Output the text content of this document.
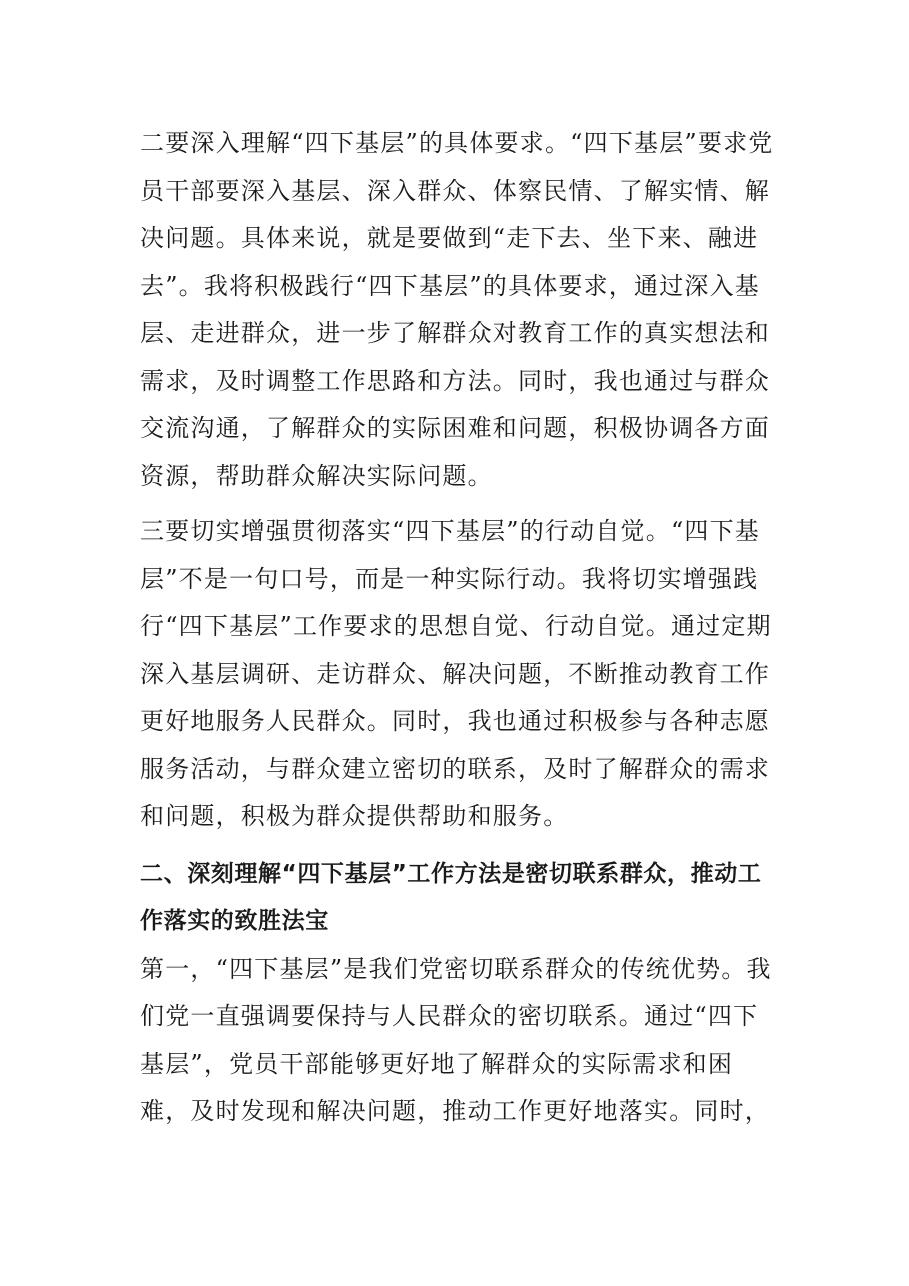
二要深入理解“四下基层”的具体要求。“四下基层”要求党员干部要深入基层、深入群众、体察民情、了解实情、解决问题。具体来说，就是要做到“走下去、坐下来、融进去”。我将积极践行“四下基层”的具体要求，通过深入基层、走进群众，进一步了解群众对教育工作的真实想法和需求，及时调整工作思路和方法。同时，我也通过与群众交流沟通，了解群众的实际困难和问题，积极协调各方面资源，帮助群众解决实际问题。

三要切实增强贯彻落实“四下基层”的行动自觉。“四下基层”不是一句口号，而是一种实际行动。我将切实增强践行“四下基层”工作要求的思想自觉、行动自觉。通过定期深入基层调研、走访群众、解决问题，不断推动教育工作更好地服务人民群众。同时，我也通过积极参与各种志愿服务活动，与群众建立密切的联系，及时了解群众的需求和问题，积极为群众提供帮助和服务。

二、深刻理解“四下基层”工作方法是密切联系群众，推动工作落实的致胜法宝

第一，“四下基层”是我们党密切联系群众的传统优势。我们党一直强调要保持与人民群众的密切联系。通过“四下基层”，党员干部能够更好地了解群众的实际需求和困难，及时发现和解决问题，推动工作更好地落实。同时，
